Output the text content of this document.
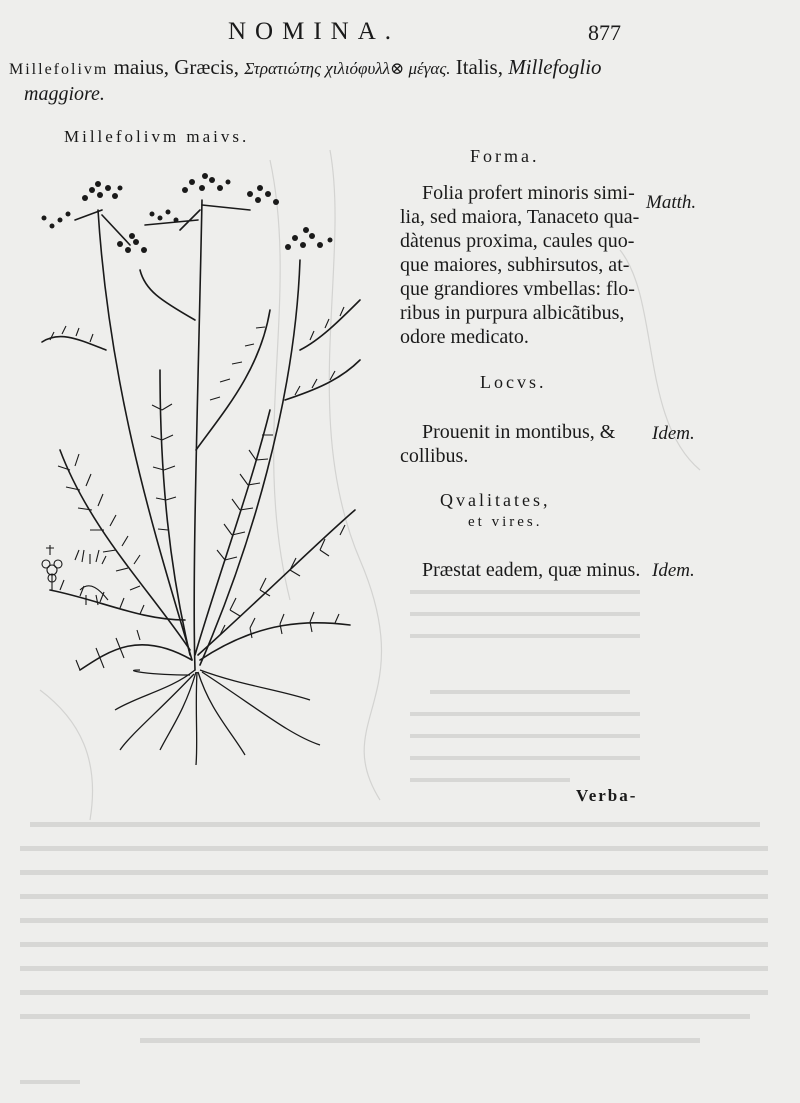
NOMINA.	877
Millefolivm maius, Græcis, Στρατιώτης χιλιόφυλλ⊗ μέγας. Italis, Millefoglio
maggiore.
Millefolivm maivs.
Forma.
Folia profert minoris simi-
lia, sed maiora, Tanaceto qua-
dàtenus proxima, caules quo-
que maiores, subhirsutos, at-
que grandiores vmbellas: flo-
ribus in purpura albicãtibus,
odore medicato.
Matth.
Locvs.
Prouenit in montibus, &
collibus.
Idem.
Qvalitates,
et vires.
Præstat eadem, quæ minus. Idem.
Verba-
